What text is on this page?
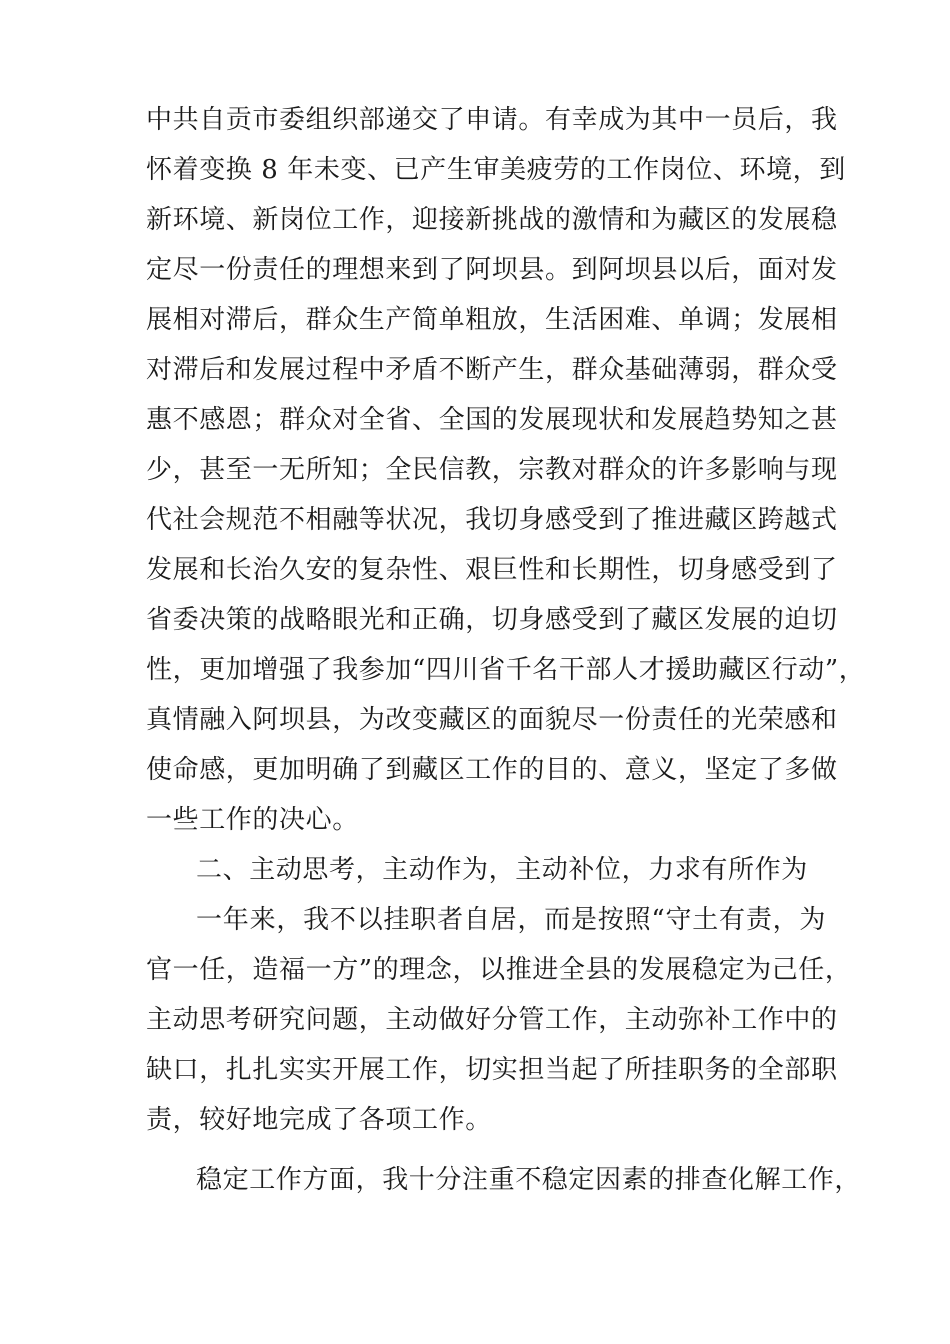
中共自贡市委组织部递交了申请。有幸成为其中一员后，我
怀着变换 8 年未变、已产生审美疲劳的工作岗位、环境，到
新环境、新岗位工作，迎接新挑战的激情和为藏区的发展稳
定尽一份责任的理想来到了阿坝县。到阿坝县以后，面对发
展相对滞后，群众生产简单粗放，生活困难、单调；发展相
对滞后和发展过程中矛盾不断产生，群众基础薄弱，群众受
惠不感恩；群众对全省、全国的发展现状和发展趋势知之甚
少，甚至一无所知；全民信教，宗教对群众的许多影响与现
代社会规范不相融等状况，我切身感受到了推进藏区跨越式
发展和长治久安的复杂性、艰巨性和长期性，切身感受到了
省委决策的战略眼光和正确，切身感受到了藏区发展的迫切
性，更加增强了我参加“四川省千名干部人才援助藏区行动”，
真情融入阿坝县，为改变藏区的面貌尽一份责任的光荣感和
使命感，更加明确了到藏区工作的目的、意义，坚定了多做
一些工作的决心。
二、主动思考，主动作为，主动补位，力求有所作为
一年来，我不以挂职者自居，而是按照“守土有责，为
官一任，造福一方”的理念，以推进全县的发展稳定为己任，
主动思考研究问题，主动做好分管工作，主动弥补工作中的
缺口，扎扎实实开展工作，切实担当起了所挂职务的全部职
责，较好地完成了各项工作。
稳定工作方面，我十分注重不稳定因素的排查化解工作，
